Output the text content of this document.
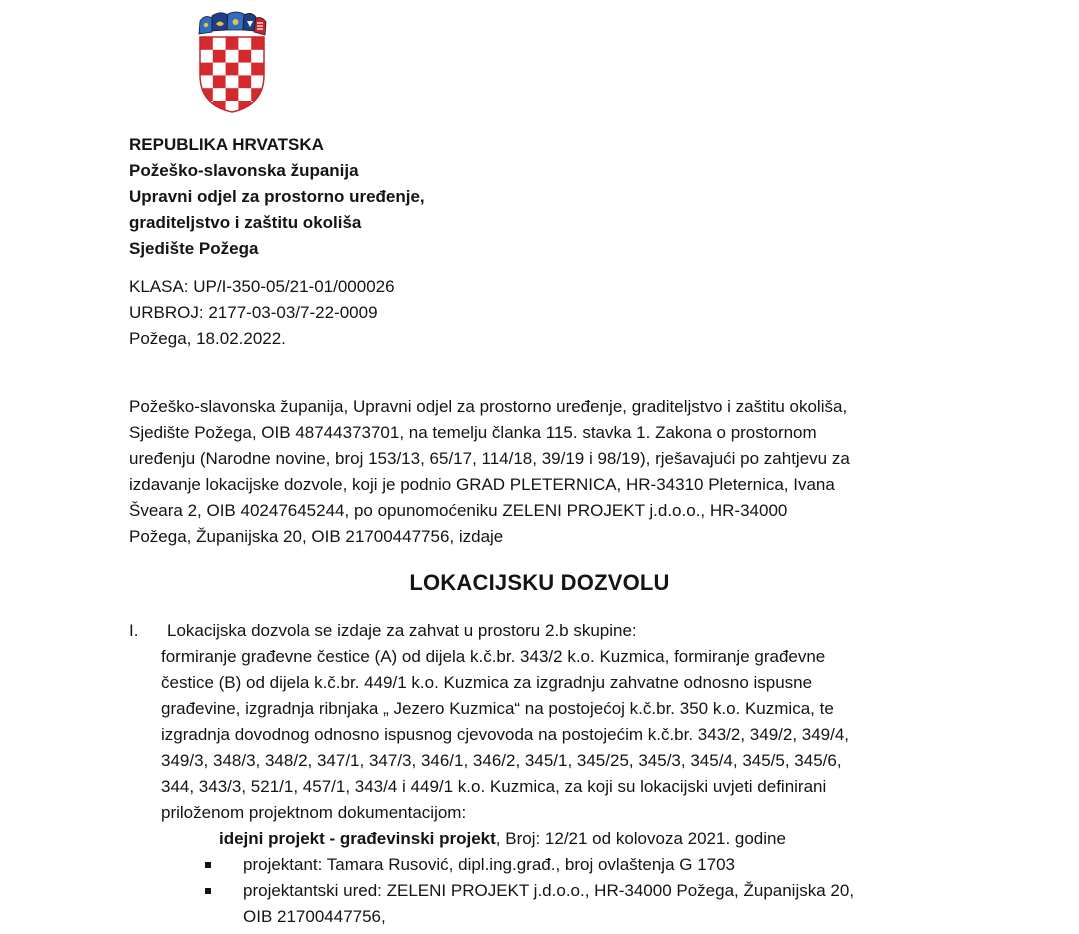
REPUBLIKA HRVATSKA
Požeško-slavonska županija
Upravni odjel za prostorno uređenje,
graditeljstvo i zaštitu okoliša
Sjedište Požega
KLASA: UP/I-350-05/21-01/000026
URBROJ: 2177-03-03/7-22-0009
Požega, 18.02.2022.
Požeško-slavonska županija, Upravni odjel za prostorno uređenje, graditeljstvo i zaštitu okoliša,
Sjedište Požega, OIB 48744373701, na temelju članka 115. stavka 1. Zakona o prostornom
uređenju (Narodne novine, broj 153/13, 65/17, 114/18, 39/19 i 98/19), rješavajući po zahtjevu za
izdavanje lokacijske dozvole, koji je podnio GRAD PLETERNICA, HR-34310 Pleternica, Ivana
Šveara 2, OIB 40247645244, po opunomoćeniku ZELENI PROJEKT j.d.o.o., HR-34000
Požega, Županijska 20, OIB 21700447756, izdaje
LOKACIJSKU DOZVOLU
I. Lokacijska dozvola se izdaje za zahvat u prostoru 2.b skupine:
formiranje građevne čestice (A) od dijela k.č.br. 343/2 k.o. Kuzmica, formiranje građevne
čestice (B) od dijela k.č.br. 449/1 k.o. Kuzmica za izgradnju zahvatne odnosno ispusne
građevine, izgradnja ribnjaka „ Jezero Kuzmica“ na postojećoj k.č.br. 350 k.o. Kuzmica, te
izgradnja dovodnog odnosno ispusnog cjevovoda na postojećim k.č.br. 343/2, 349/2, 349/4,
349/3, 348/3, 348/2, 347/1, 347/3, 346/1, 346/2, 345/1, 345/25, 345/3, 345/4, 345/5, 345/6,
344, 343/3, 521/1, 457/1, 343/4 i 449/1 k.o. Kuzmica, za koji su lokacijski uvjeti definirani
priloženom projektnom dokumentacijom:
idejni projekt - građevinski projekt, Broj: 12/21 od kolovoza 2021. godine
projektant: Tamara Rusović, dipl.ing.građ., broj ovlaštenja G 1703
projektantski ured: ZELENI PROJEKT j.d.o.o., HR-34000 Požega, Županijska 20,
OIB 21700447756,
